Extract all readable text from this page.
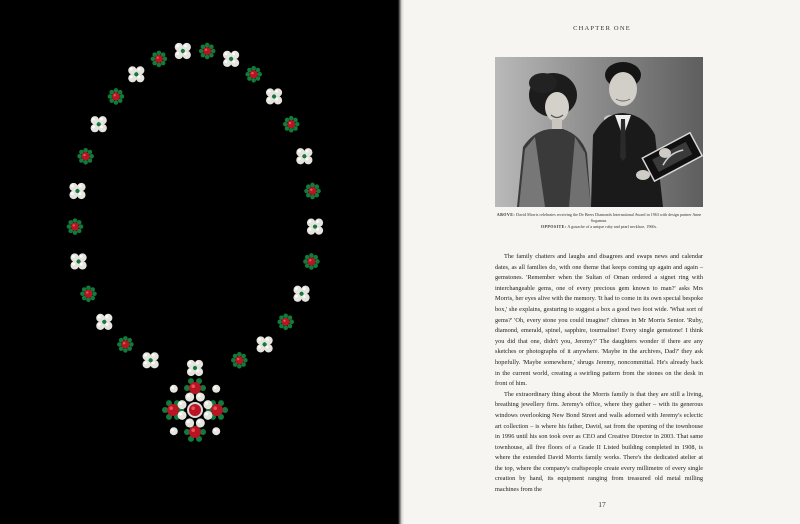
CHAPTER ONE
ABOVE: David Morris celebrates receiving the De Beers Diamonds International Award in 1963 with design partner Anne Sogamun.
OPPOSITE: A gouache of a unique ruby and pearl necklace, 1960s.

The family chatters and laughs and disagrees and swaps news and calendar dates, as all families do, with one theme that keeps coming up again and again – gemstones. 'Remember when the Sultan of Oman ordered a signet ring with interchangeable gems, one of every precious gem known to man?' asks Mrs Morris, her eyes alive with the memory. 'It had to come in its own special bespoke box,' she explains, gesturing to suggest a box a good two foot wide. 'What sort of gems?' 'Oh, every stone you could imagine!' chimes in Mr Morris Senior. 'Ruby, diamond, emerald, spinel, sapphire, tourmaline! Every single gemstone! I think you did that one, didn't you, Jeremy?' The daughters wonder if there are any sketches or photographs of it anywhere. 'Maybe in the archives, Dad?' they ask hopefully. 'Maybe somewhere,' shrugs Jeremy, noncommittal. He's already back in the current world, creating a swirling pattern from the stones on the desk in front of him.

The extraordinary thing about the Morris family is that they are still a living, breathing jewellery firm. Jeremy's office, where they gather – with its generous windows overlooking New Bond Street and walls adorned with Jeremy's eclectic art collection – is where his father, David, sat from the opening of the townhouse in 1996 until his son took over as CEO and Creative Director in 2003. That same townhouse, all five floors of a Grade II Listed building completed in 1908, is where the extended David Morris family works. There's the dedicated atelier at the top, where the company's craftspeople create every millimetre of every single creation by hand, its equipment ranging from treasured old metal milling machines from the

17
